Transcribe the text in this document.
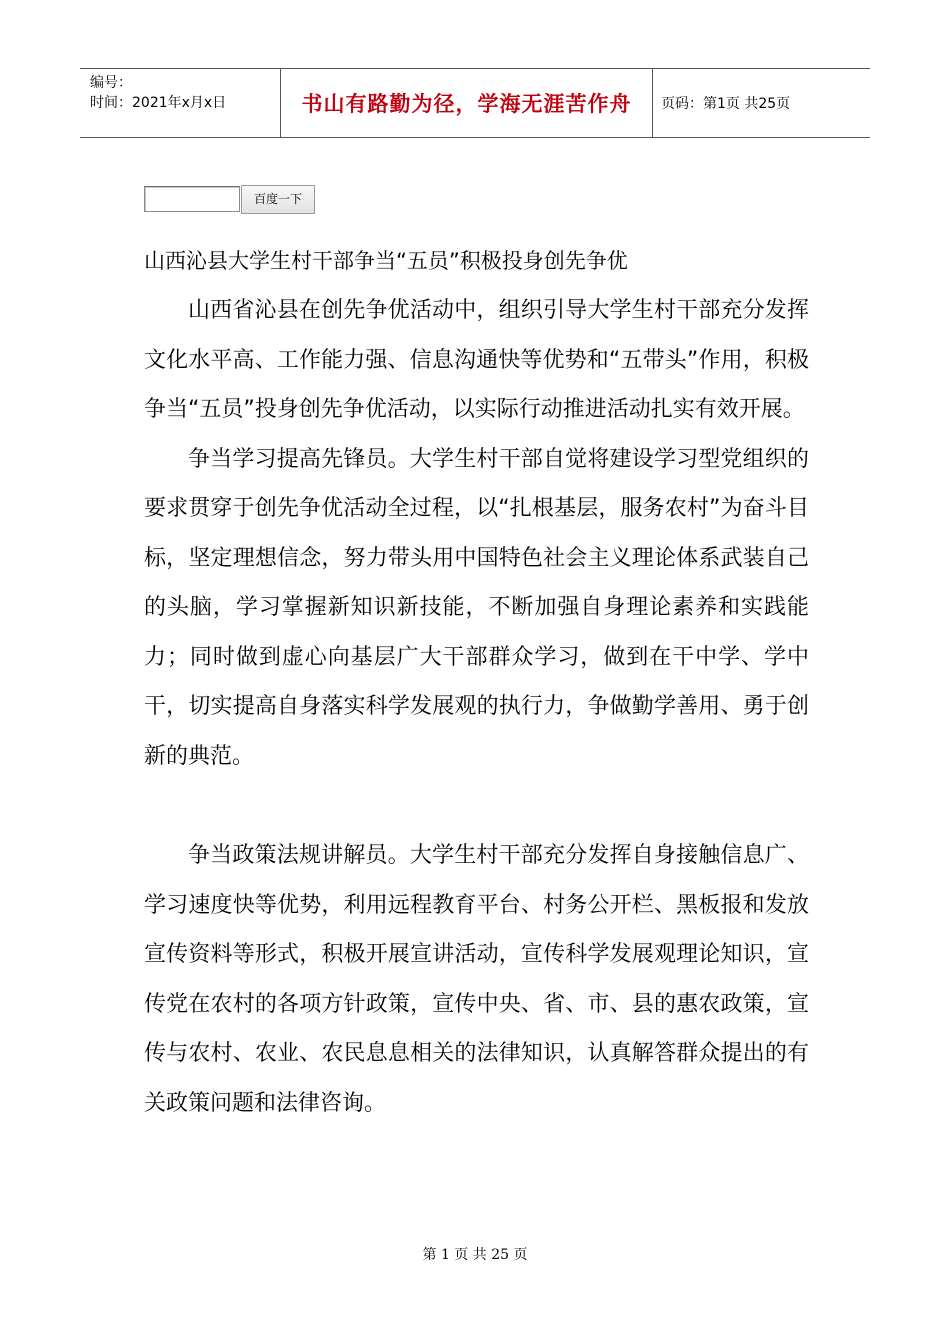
编号：
时间：2021年x月x日	书山有路勤为径，学海无涯苦作舟 页码：第1页 共25页
百度一下
山西沁县大学生村干部争当“五员”积极投身创先争优

山西省沁县在创先争优活动中，组织引导大学生村干部充分发挥文化水平高、工作能力强、信息沟通快等优势和“五带头”作用，积极争当“五员”投身创先争优活动，以实际行动推进活动扎实有效开展。

争当学习提高先锋员。大学生村干部自觉将建设学习型党组织的要求贯穿于创先争优活动全过程，以“扎根基层，服务农村”为奋斗目标，坚定理想信念，努力带头用中国特色社会主义理论体系武装自己的头脑，学习掌握新知识新技能，不断加强自身理论素养和实践能力；同时做到虚心向基层广大干部群众学习，做到在干中学、学中干，切实提高自身落实科学发展观的执行力，争做勤学善用、勇于创新的典范。

争当政策法规讲解员。大学生村干部充分发挥自身接触信息广、学习速度快等优势，利用远程教育平台、村务公开栏、黑板报和发放宣传资料等形式，积极开展宣讲活动，宣传科学发展观理论知识，宣传党在农村的各项方针政策，宣传中央、省、市、县的惠农政策，宣传与农村、农业、农民息息相关的法律知识，认真解答群众提出的有关政策问题和法律咨询。

第 1 页 共 25 页
